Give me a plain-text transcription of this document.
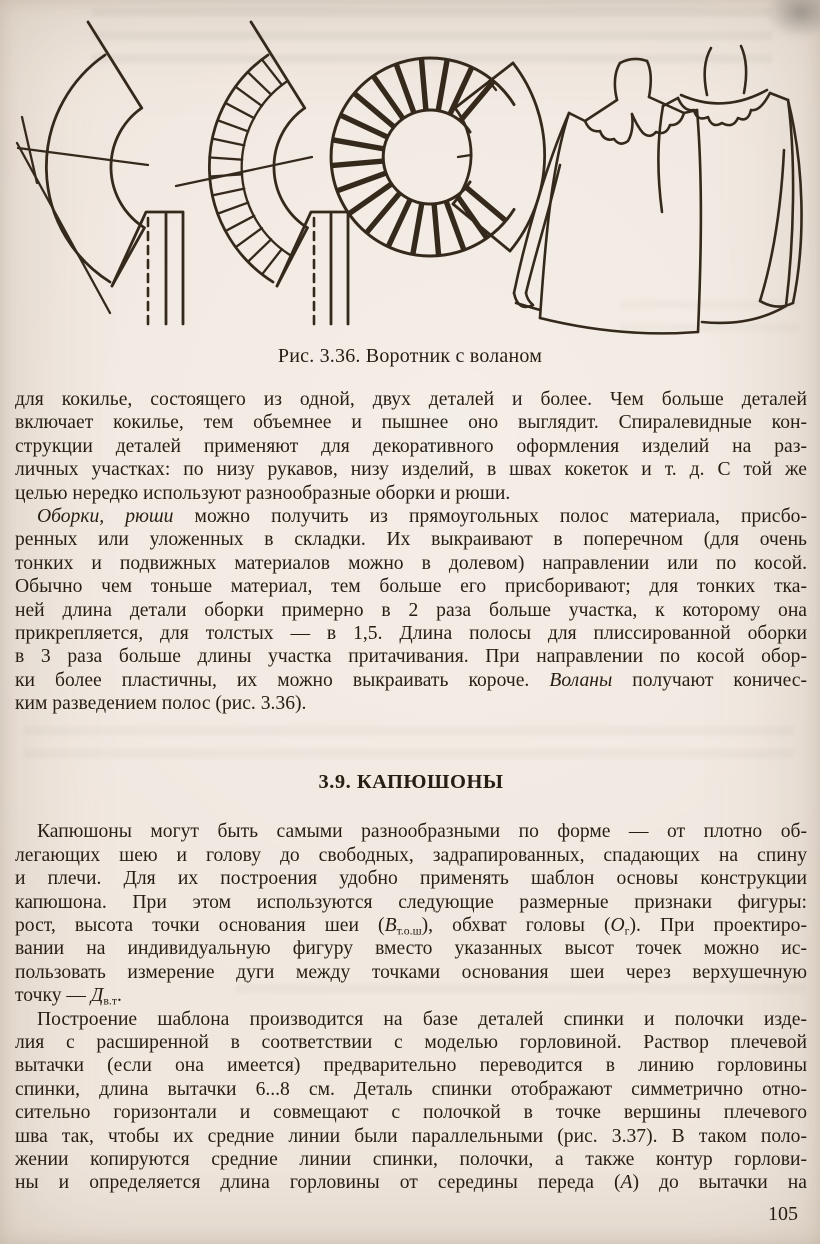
Рис. 3.36. Воротник с воланом
для кокилье, состоящего из одной, двух деталей и более. Чем больше деталей
включает кокилье, тем объемнее и пышнее оно выглядит. Спиралевидные кон-
струкции деталей применяют для декоративного оформления изделий на раз-
личных участках: по низу рукавов, низу изделий, в швах кокеток и т. д. С той же
целью нередко используют разнообразные оборки и рюши.
Оборки, рюши можно получить из прямоугольных полос материала, присбо-
ренных или уложенных в складки. Их выкраивают в поперечном (для очень
тонких и подвижных материалов можно в долевом) направлении или по косой.
Обычно чем тоньше материал, тем больше его присборивают; для тонких тка-
ней длина детали оборки примерно в 2 раза больше участка, к которому она
прикрепляется, для толстых — в 1,5. Длина полосы для плиссированной оборки
в 3 раза больше длины участка притачивания. При направлении по косой обор-
ки более пластичны, их можно выкраивать короче. Воланы получают коничес-
ким разведением полос (рис. 3.36).
3.9. КАПЮШОНЫ
Капюшоны могут быть самыми разнообразными по форме — от плотно об-
легающих шею и голову до свободных, задрапированных, спадающих на спину
и плечи. Для их построения удобно применять шаблон основы конструкции
капюшона. При этом используются следующие размерные признаки фигуры:
рост, высота точки основания шеи $(В_{т.о.ш})$, обхват головы $(О_г)$. При проектиро-
вании на индивидуальную фигуру вместо указанных высот точек можно ис-
пользовать измерение дуги между точками основания шеи через верхушечную
точку — $Д_{в.т}$.
Построение шаблона производится на базе деталей спинки и полочки изде-
лия с расширенной в соответствии с моделью горловиной. Раствор плечевой
вытачки (если она имеется) предварительно переводится в линию горловины
спинки, длина вытачки 6...8 см. Деталь спинки отображают симметрично отно-
сительно горизонтали и совмещают с полочкой в точке вершины плечевого
шва так, чтобы их средние линии были параллельными (рис. 3.37). В таком поло-
жении копируются средние линии спинки, полочки, а также контур горлови-
ны и определяется длина горловины от середины переда (А) до вытачки на
105
